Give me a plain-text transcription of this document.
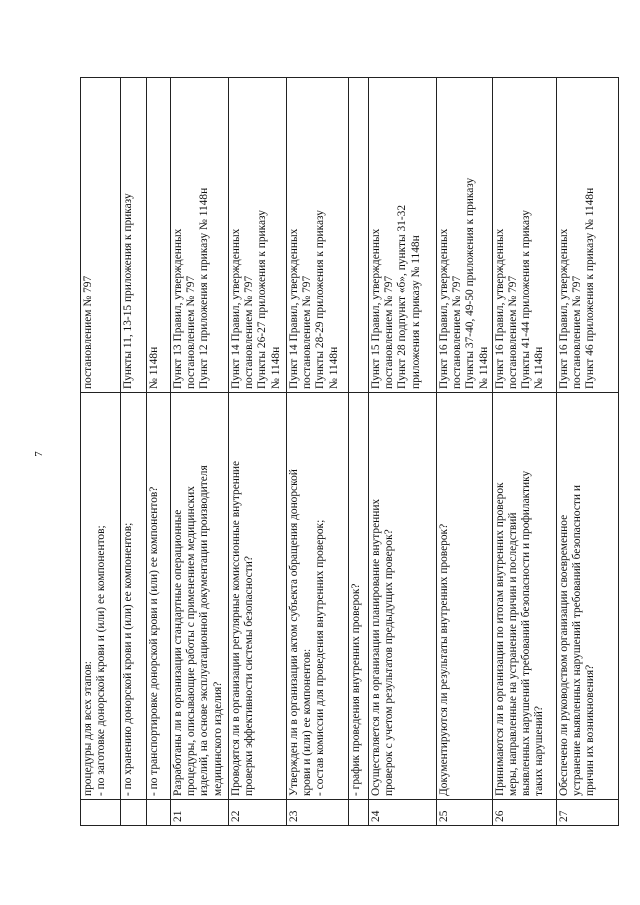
7

	процедуры для всех этапов: - по заготовке донорской крови и (или) ее компонентов;	постановлением № 797

	- по хранению донорской крови и (или) ее компонентов;	Пункты 11, 13-15 приложения к приказу

	- по транспортировке донорской крови и (или) ее компонентов?	№ 1148н

21	Разработаны ли в организации стандартные операционные процедуры, описывающие работы с применением медицинских изделий, на основе эксплуатационной документации производителя медицинского изделия?	Пункт 13 Правил, утвержденных постановлением № 797 Пункт 12 приложения к приказу № 1148н

22	Проводятся ли в организации регулярные комиссионные внутренние проверки эффективности системы безопасности?	Пункт 14 Правил, утвержденных постановлением № 797 Пункты 26-27 приложения к приказу № 1148н

23	Утвержден ли в организации актом субъекта обращения донорской крови и (или) ее компонентов: - состав комиссии для проведения внутренних проверок;	Пункт 14 Правил, утвержденных постановлением № 797 Пункты 28-29 приложения к приказу № 1148н

	- график проведения внутренних проверок?	

24	Осуществляется ли в организации планирование внутренних проверок с учетом результатов предыдущих проверок?	Пункт 15 Правил, утвержденных постановлением № 797 Пункт 28 подпункт «б», пункты 31-32 приложения к приказу № 1148н

25	Документируются ли результаты внутренних проверок?	Пункт 16 Правил, утвержденных постановлением № 797 Пункты 37-40, 49-50 приложения к приказу № 1148н

26	Принимаются ли в организации по итогам внутренних проверок меры, направленные на устранение причин и последствий выявленных нарушений требований безопасности и профилактику таких нарушений?	Пункт 16 Правил, утвержденных постановлением № 797 Пункты 41-44 приложения к приказу № 1148н

27	Обеспечено ли руководством организации своевременное устранение выявленных нарушений требований безопасности и причин их возникновения?	Пункт 16 Правил, утвержденных постановлением № 797 Пункт 46 приложения к приказу № 1148н
